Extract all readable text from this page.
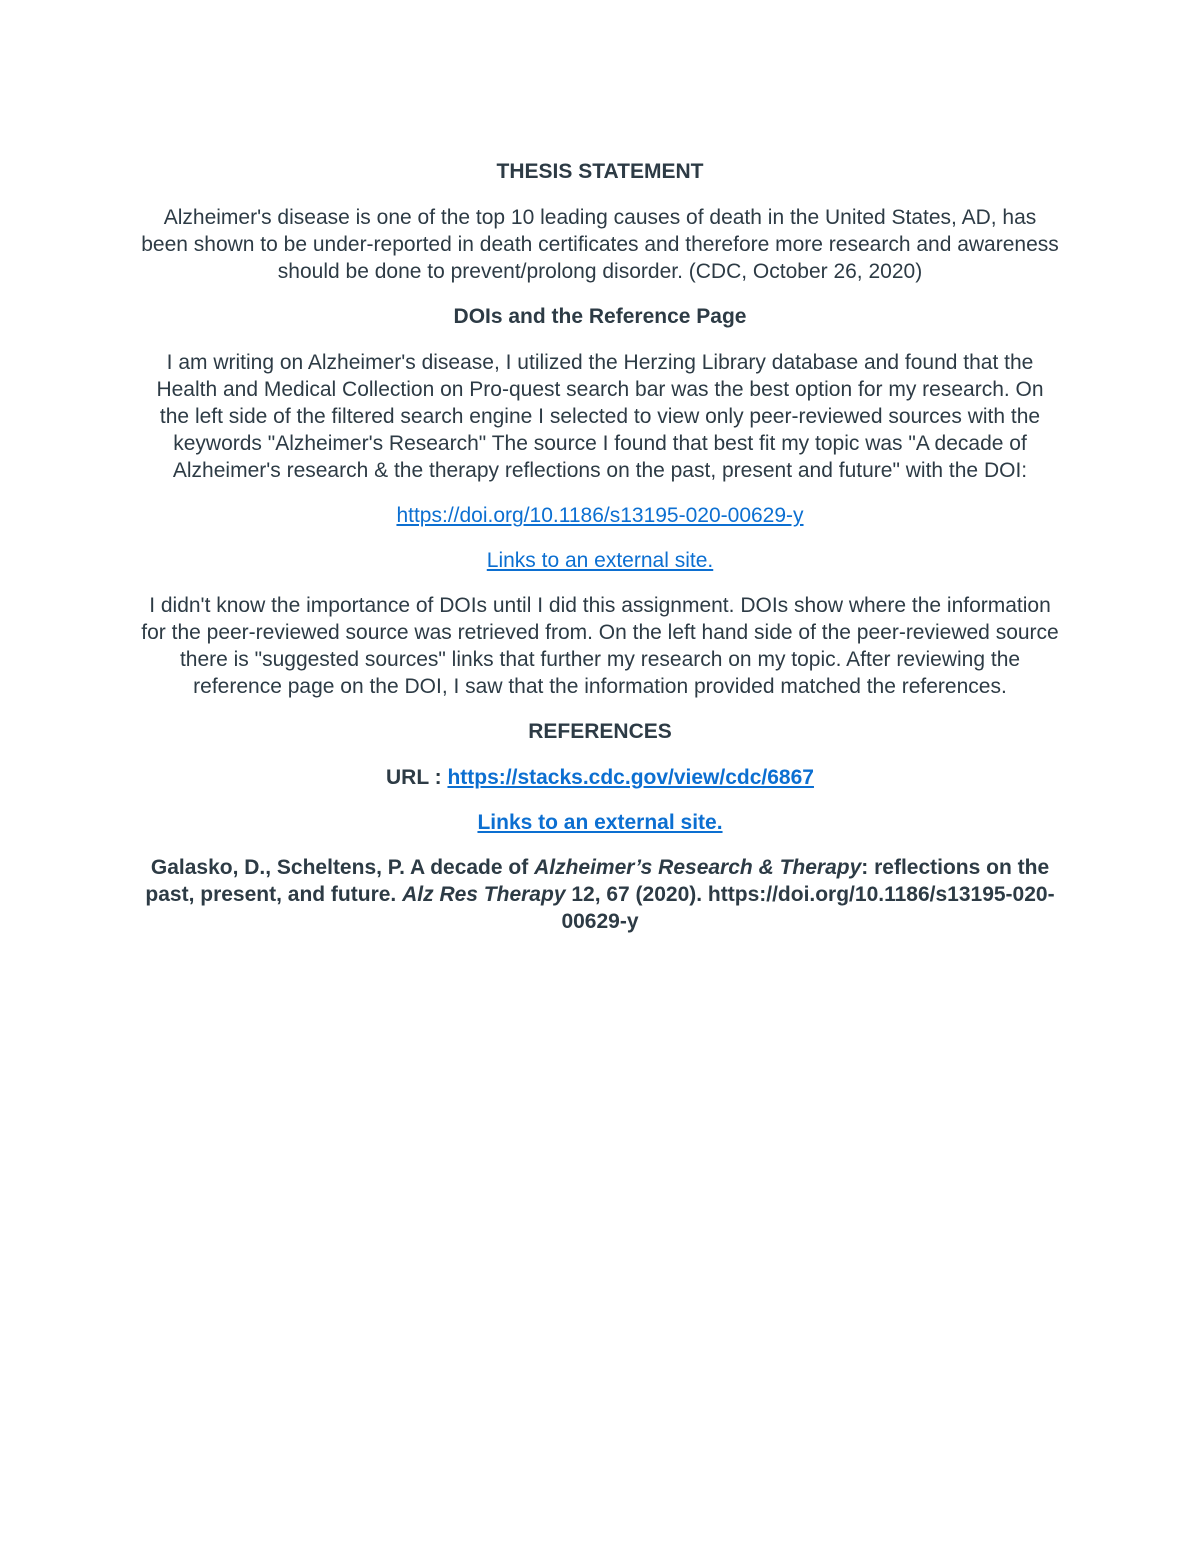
THESIS STATEMENT
Alzheimer's disease is one of the top 10 leading causes of death in the United States, AD, has been shown to be under-reported in death certificates and therefore more research and awareness should be done to prevent/prolong disorder. (CDC, October 26, 2020)
DOIs and the Reference Page
I am writing on Alzheimer's disease, I utilized the Herzing Library database and found that the Health and Medical Collection on Pro-quest search bar was the best option for my research. On the left side of the filtered search engine I selected to view only peer-reviewed sources with the keywords "Alzheimer's Research" The source I found that best fit my topic was "A decade of Alzheimer's research & the therapy reflections on the past, present and future" with the DOI:
https://doi.org/10.1186/s13195-020-00629-y
Links to an external site.
I didn't know the importance of DOIs until I did this assignment. DOIs show where the information for the peer-reviewed source was retrieved from. On the left hand side of the peer-reviewed source there is "suggested sources" links that further my research on my topic. After reviewing the reference page on the DOI, I saw that the information provided matched the references.
REFERENCES
URL : https://stacks.cdc.gov/view/cdc/6867
Links to an external site.
Galasko, D., Scheltens, P. A decade of Alzheimer’s Research & Therapy: reflections on the past, present, and future. Alz Res Therapy 12, 67 (2020). https://doi.org/10.1186/s13195-020-00629-y
